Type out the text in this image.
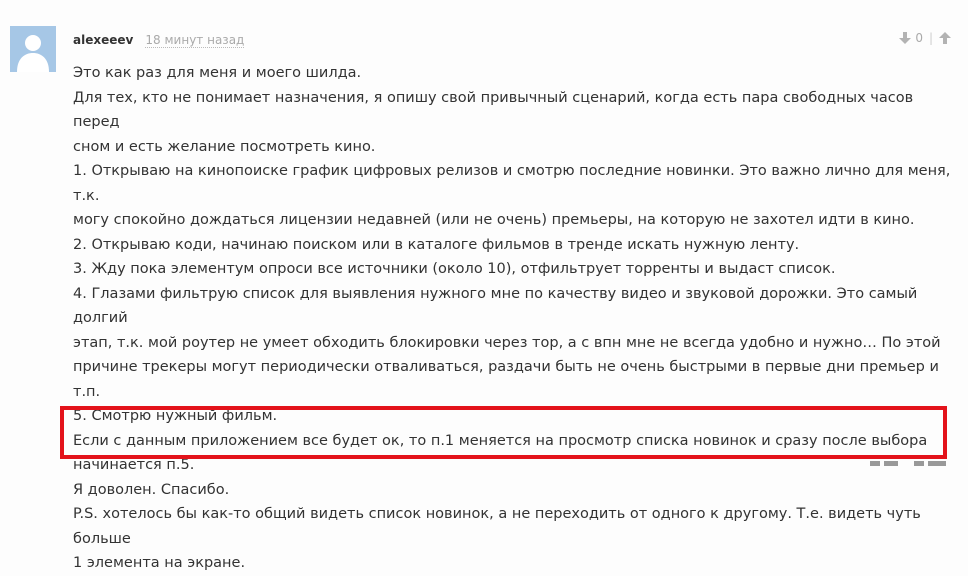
alexeeev 18 минут назад	0 |

Это как раз для меня и моего шилда.

Для тех, кто не понимает назначения, я опишу свой привычный сценарий, когда есть пара свободных часов перед

сном и есть желание посмотреть кино.

1. Открываю на кинопоиске график цифровых релизов и смотрю последние новинки. Это важно лично для меня, т.к.

могу спокойно дождаться лицензии недавней (или не очень) премьеры, на которую не захотел идти в кино.

2. Открываю коди, начинаю поиском или в каталоге фильмов в тренде искать нужную ленту.

3. Жду пока элементум опроси все источники (около 10), отфильтрует торренты и выдаст список.

4. Глазами фильтрую список для выявления нужного мне по качеству видео и звуковой дорожки. Это самый долгий

этап, т.к. мой роутер не умеет обходить блокировки через тор, а с впн мне не всегда удобно и нужно… По этой

причине трекеры могут периодически отваливаться, раздачи быть не очень быстрыми в первые дни премьер и т.п.

5. Смотрю нужный фильм.

Если с данным приложением все будет ок, то п.1 меняется на просмотр списка новинок и сразу после выбора

начинается п.5.

Я доволен. Спасибо.

P.S. хотелось бы как-то общий видеть список новинок, а не переходить от одного к другому. Т.е. видеть чуть больше

1 элемента на экране.
